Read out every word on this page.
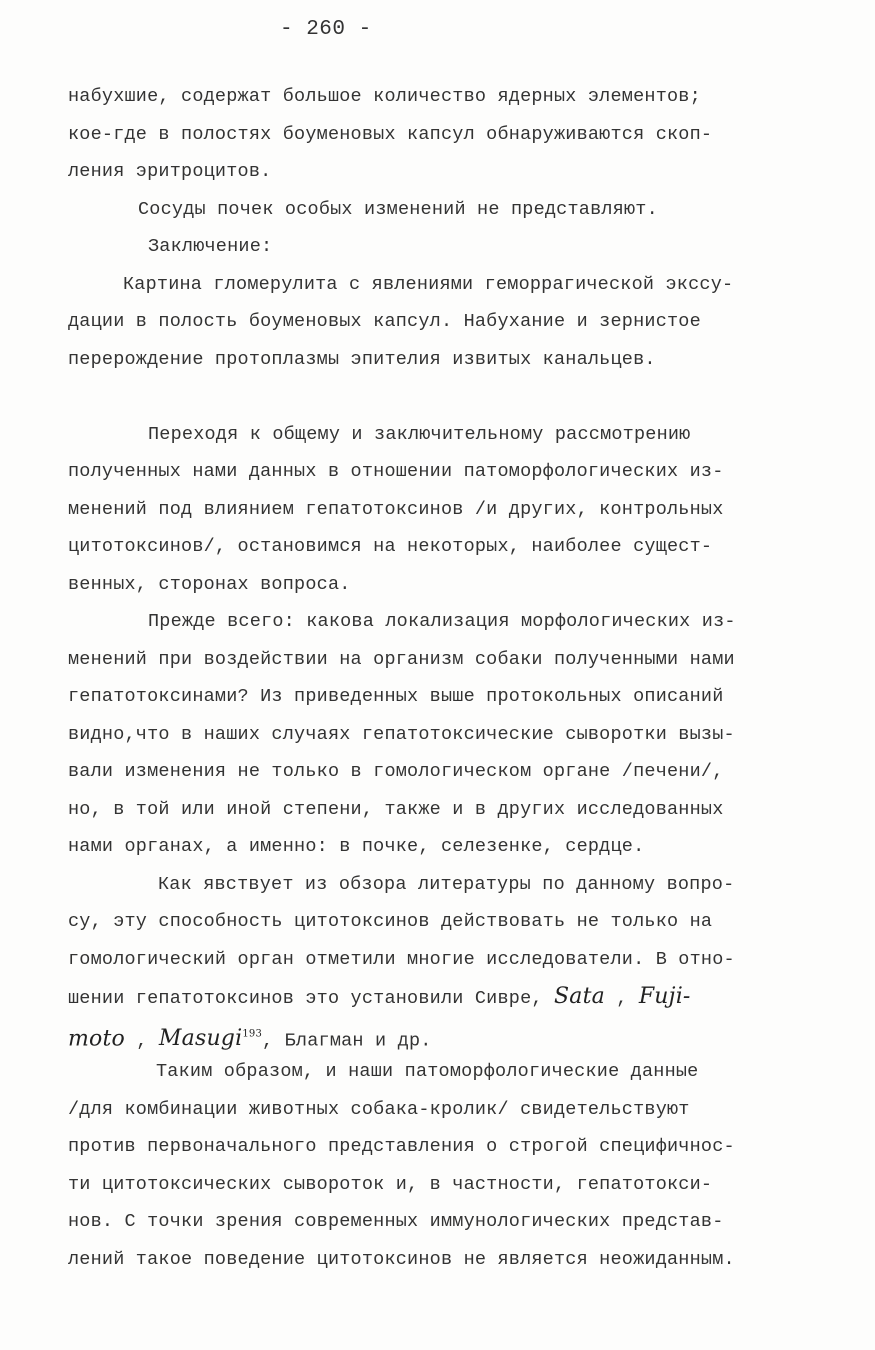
- 260 -
набухшие, содержат большое количество ядерных элементов;
кое-где в полостях боуменовых капсул обнаруживаются скоп-
ления эритроцитов.
Сосуды почек особых изменений не представляют.
Заключение:
Картина гломерулита с явлениями геморрагической экссу-
дации в полость боуменовых капсул. Набухание и зернистое
перерождение протоплазмы эпителия извитых канальцев.
Переходя к общему и заключительному рассмотрению
полученных нами данных в отношении патоморфологических из-
менений под влиянием гепатотоксинов /и других, контрольных
цитотоксинов/, остановимся на некоторых, наиболее сущест-
венных, сторонах вопроса.
Прежде всего: какова локализация морфологических из-
менений при воздействии на организм собаки полученными нами
гепатотоксинами? Из приведенных выше протокольных описаний
видно,что в наших случаях гепатотоксические сыворотки вызы-
вали изменения не только в гомологическом органе /печени/,
но, в той или иной степени, также и в других исследованных
нами органах, а именно: в почке, селезенке, сердце.
Как явствует из обзора литературы по данному вопро-
су, эту способность цитотоксинов действовать не только на
гомологический орган отметили многие исследователи. В отно-
шении гепатотоксинов это установили Сивре, Sata , Fuji-
moto , Masugi$^{193}$, Благман и др.
Таким образом, и наши патоморфологические данные
/для комбинации животных собака-кролик/ свидетельствуют
против первоначального представления о строгой специфичнос-
ти цитотоксических сывороток и, в частности, гепатотокси-
нов. С точки зрения современных иммунологических представ-
лений такое поведение цитотоксинов не является неожиданным.
